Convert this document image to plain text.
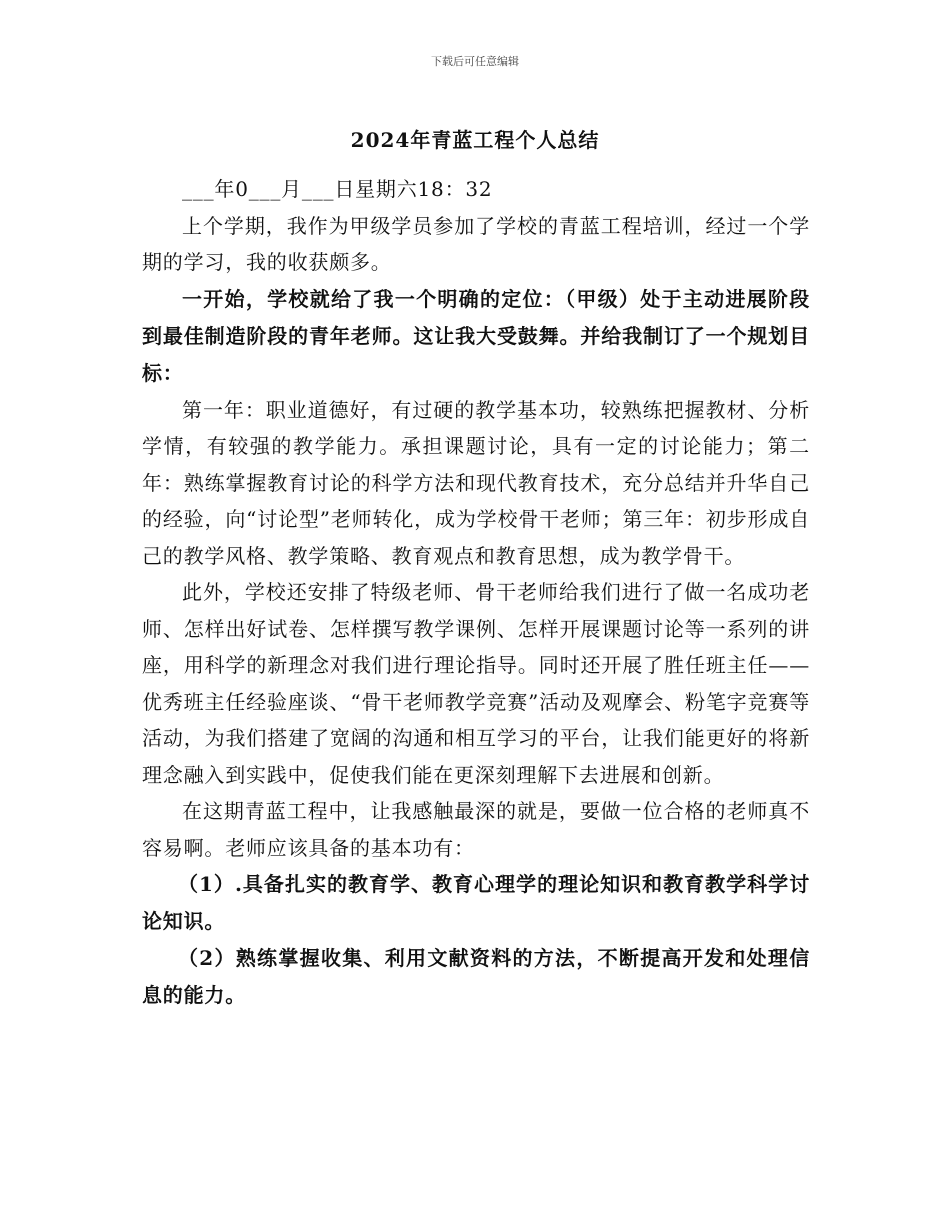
下载后可任意编辑
2024年青蓝工程个人总结

___年0___月___日星期六18：32

上个学期，我作为甲级学员参加了学校的青蓝工程培训，经过一个学期的学习，我的收获颇多。

一开始，学校就给了我一个明确的定位：（甲级）处于主动进展阶段到最佳制造阶段的青年老师。这让我大受鼓舞。并给我制订了一个规划目标：

第一年：职业道德好，有过硬的教学基本功，较熟练把握教材、分析学情，有较强的教学能力。承担课题讨论，具有一定的讨论能力；第二年：熟练掌握教育讨论的科学方法和现代教育技术，充分总结并升华自己的经验，向“讨论型”老师转化，成为学校骨干老师；第三年：初步形成自己的教学风格、教学策略、教育观点和教育思想，成为教学骨干。

此外，学校还安排了特级老师、骨干老师给我们进行了做一名成功老师、怎样出好试卷、怎样撰写教学课例、怎样开展课题讨论等一系列的讲座，用科学的新理念对我们进行理论指导。同时还开展了胜任班主任——优秀班主任经验座谈、“骨干老师教学竞赛”活动及观摩会、粉笔字竞赛等活动，为我们搭建了宽阔的沟通和相互学习的平台，让我们能更好的将新理念融入到实践中，促使我们能在更深刻理解下去进展和创新。

在这期青蓝工程中，让我感触最深的就是，要做一位合格的老师真不容易啊。老师应该具备的基本功有：

（1）.具备扎实的教育学、教育心理学的理论知识和教育教学科学讨论知识。

（2）熟练掌握收集、利用文献资料的方法，不断提高开发和处理信息的能力。
